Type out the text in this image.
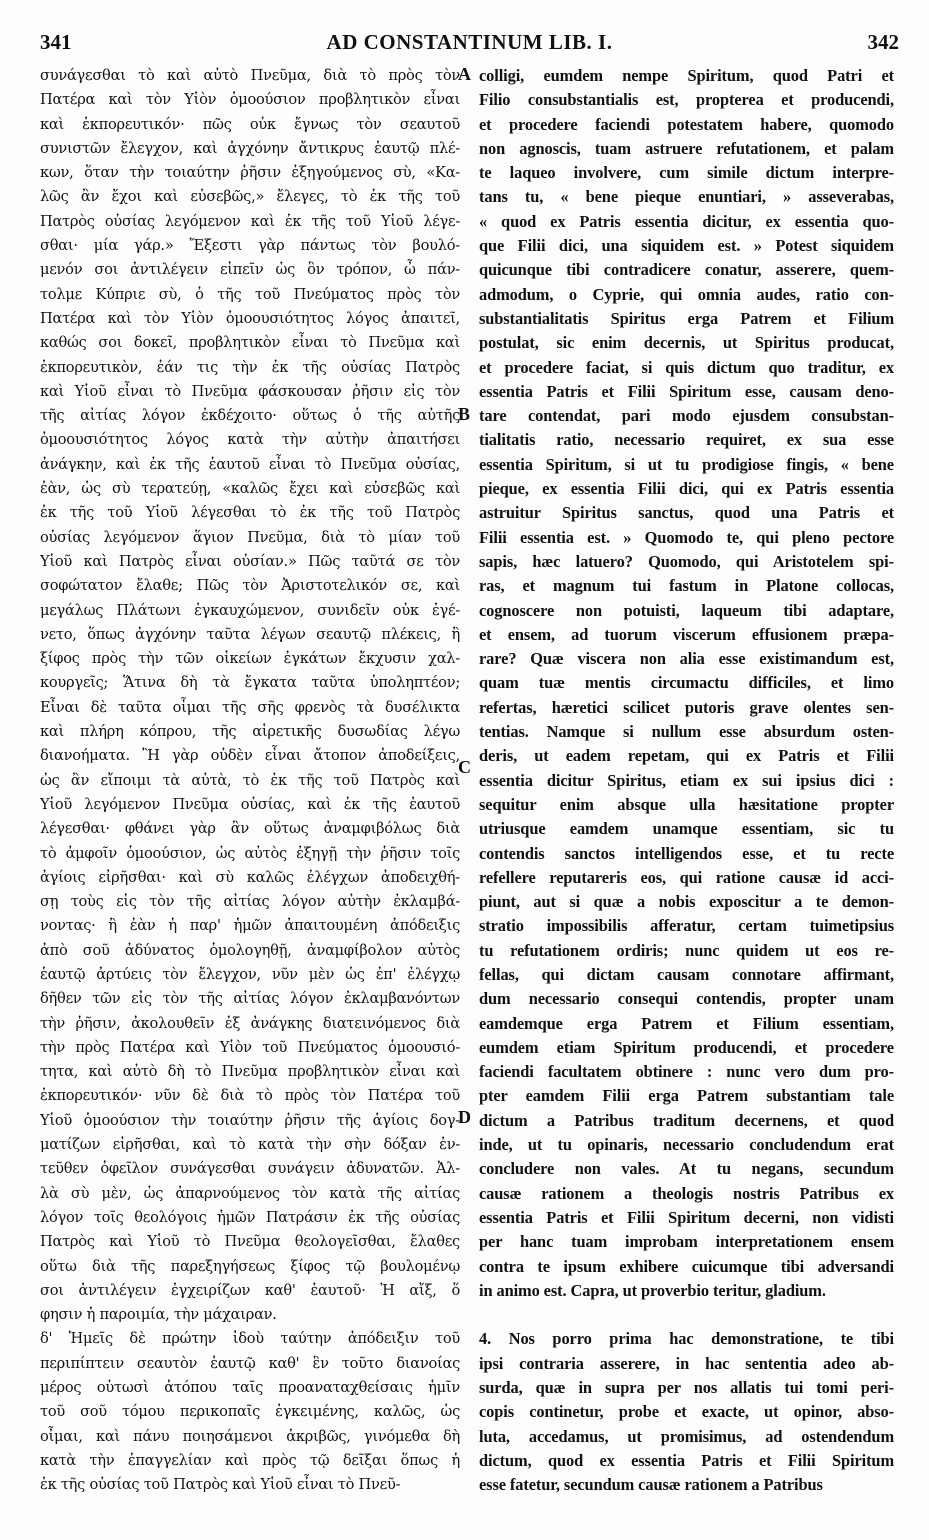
341	AD CONSTANTINUM LIB. I.	342
συνάγεσθαι τὸ καὶ αὐτὸ Πνεῦμα, διὰ τὸ πρὸς τὸν
Πατέρα καὶ τὸν Υἱὸν ὁμοούσιον προβλητικὸν εἶναι
καὶ ἐκπορευτικόν· πῶς οὐκ ἔγνως τὸν σεαυτοῦ
συνιστῶν ἔλεγχον, καὶ ἀγχόνην ἄντικρυς ἑαυτῷ πλέ-
κων, ὅταν τὴν τοιαύτην ῥῆσιν ἐξηγούμενος σὺ, «Κα-
λῶς ἂν ἔχοι καὶ εὐσεβῶς,» ἔλεγες, τὸ ἐκ τῆς τοῦ
Πατρὸς οὐσίας λεγόμενον καὶ ἐκ τῆς τοῦ Υἱοῦ λέγε-
σθαι· μία γάρ.» Ἔξεστι γὰρ πάντως τὸν βουλό-
μενόν σοι ἀντιλέγειν εἰπεῖν ὡς ὃν τρόπον, ὦ πάν-
τολμε Κύπριε σὺ, ὁ τῆς τοῦ Πνεύματος πρὸς τὸν
Πατέρα καὶ τὸν Υἱὸν ὁμοουσιότητος λόγος ἀπαιτεῖ,
καθώς σοι δοκεῖ, προβλητικὸν εἶναι τὸ Πνεῦμα καὶ
ἐκπορευτικὸν, ἐάν τις τὴν ἐκ τῆς οὐσίας Πατρὸς
καὶ Υἱοῦ εἶναι τὸ Πνεῦμα φάσκουσαν ῥῆσιν εἰς τὸν
τῆς αἰτίας λόγον ἐκδέχοιτο· οὕτως ὁ τῆς αὐτῆς
ὁμοουσιότητος λόγος κατὰ τὴν αὐτὴν ἀπαιτήσει
ἀνάγκην, καὶ ἐκ τῆς ἑαυτοῦ εἶναι τὸ Πνεῦμα οὐσίας,
ἐὰν, ὡς σὺ τερατεύῃ, «καλῶς ἔχει καὶ εὐσεβῶς καὶ
ἐκ τῆς τοῦ Υἱοῦ λέγεσθαι τὸ ἐκ τῆς τοῦ Πατρὸς
οὐσίας λεγόμενον ἅγιον Πνεῦμα, διὰ τὸ μίαν τοῦ
Υἱοῦ καὶ Πατρὸς εἶναι οὐσίαν.» Πῶς ταῦτά σε τὸν
σοφώτατον ἔλαθε; Πῶς τὸν Ἀριστοτελικόν σε, καὶ
μεγάλως Πλάτωνι ἐγκαυχώμενον, συνιδεῖν οὐκ ἐγέ-
νετο, ὅπως ἀγχόνην ταῦτα λέγων σεαυτῷ πλέκεις, ἢ
ξίφος πρὸς τὴν τῶν οἰκείων ἐγκάτων ἔκχυσιν χαλ-
κουργεῖς; Ἅτινα δὴ τὰ ἔγκατα ταῦτα ὑποληπτέον;
Εἶναι δὲ ταῦτα οἶμαι τῆς σῆς φρενὸς τὰ δυσέλικτα
καὶ πλήρη κόπρου, τῆς αἱρετικῆς δυσωδίας λέγω
διανοήματα. Ἢ γὰρ οὐδὲν εἶναι ἄτοπον ἀποδείξεις,
ὡς ἂν εἴποιμι τὰ αὐτὰ, τὸ ἐκ τῆς τοῦ Πατρὸς καὶ
Υἱοῦ λεγόμενον Πνεῦμα οὐσίας, καὶ ἐκ τῆς ἑαυτοῦ
λέγεσθαι· φθάνει γὰρ ἂν οὕτως ἀναμφιβόλως διὰ
τὸ ἀμφοῖν ὁμοούσιον, ὡς αὐτὸς ἐξηγῇ τὴν ῥῆσιν τοῖς
ἁγίοις εἰρῆσθαι· καὶ σὺ καλῶς ἐλέγχων ἀποδειχθή-
σῃ τοὺς εἰς τὸν τῆς αἰτίας λόγον αὐτὴν ἐκλαμβά-
νοντας· ἢ ἐὰν ἡ παρ' ἡμῶν ἀπαιτουμένη ἀπόδειξις
ἀπὸ σοῦ ἀδύνατος ὁμολογηθῇ, ἀναμφίβολον αὐτὸς
ἑαυτῷ ἀρτύεις τὸν ἔλεγχον, νῦν μὲν ὡς ἐπ' ἐλέγχῳ
δῆθεν τῶν εἰς τὸν τῆς αἰτίας λόγον ἐκλαμβανόντων
τὴν ῥῆσιν, ἀκολουθεῖν ἐξ ἀνάγκης διατεινόμενος διὰ
τὴν πρὸς Πατέρα καὶ Υἱὸν τοῦ Πνεύματος ὁμοουσιό-
τητα, καὶ αὐτὸ δὴ τὸ Πνεῦμα προβλητικὸν εἶναι καὶ
ἐκπορευτικόν· νῦν δὲ διὰ τὸ πρὸς τὸν Πατέρα τοῦ
Υἱοῦ ὁμοούσιον τὴν τοιαύτην ῥῆσιν τῆς ἁγίοις δογ-
ματίζων εἰρῆσθαι, καὶ τὸ κατὰ τὴν σὴν δόξαν ἐν-
τεῦθεν ὀφεῖλον συνάγεσθαι συνάγειν ἀδυνατῶν. Ἀλ-
λὰ σὺ μὲν, ὡς ἀπαρνούμενος τὸν κατὰ τῆς αἰτίας
λόγον τοῖς θεολόγοις ἡμῶν Πατράσιν ἐκ τῆς οὐσίας
Πατρὸς καὶ Υἱοῦ τὸ Πνεῦμα θεολογεῖσθαι, ἔλαθες
οὕτω διὰ τῆς παρεξηγήσεως ξίφος τῷ βουλομένῳ
σοι ἀντιλέγειν ἐγχειρίζων καθ' ἑαυτοῦ· Ἡ αἴξ, ὅ
φησιν ἡ παροιμία, τὴν μάχαιραν.
δ' Ἡμεῖς δὲ πρώτην ἰδοὺ ταύτην ἀπόδειξιν τοῦ
περιπίπτειν σεαυτὸν ἑαυτῷ καθ' ἓν τοῦτο διανοίας
μέρος οὑτωσὶ ἀτόπου ταῖς προαναταχθείσαις ἡμῖν
τοῦ σοῦ τόμου περικοπαῖς ἐγκειμένης, καλῶς, ὡς
οἶμαι, καὶ πάνυ ποιησάμενοι ἀκριβῶς, γινόμεθα δὴ
κατὰ τὴν ἐπαγγελίαν καὶ πρὸς τῷ δεῖξαι ὅπως ἡ
ἐκ τῆς οὐσίας τοῦ Πατρὸς καὶ Υἱοῦ εἶναι τὸ Πνεῦ-
colligi, eumdem nempe Spiritum, quod Patri et
Filio consubstantialis est, propterea et producendi,
et procedere faciendi potestatem habere, quomodo
non agnoscis, tuam astruere refutationem, et palam
te laqueo involvere, cum simile dictum interpre-
tans tu, « bene pieque enuntiari, » asseverabas,
« quod ex Patris essentia dicitur, ex essentia quo-
que Filii dici, una siquidem est. » Potest siquidem
quicunque tibi contradicere conatur, asserere, quem-
admodum, o Cyprie, qui omnia audes, ratio con-
substantialitatis Spiritus erga Patrem et Filium
postulat, sic enim decernis, ut Spiritus producat,
et procedere faciat, si quis dictum quo traditur, ex
essentia Patris et Filii Spiritum esse, causam deno-
tare contendat, pari modo ejusdem consubstan-
tialitatis ratio, necessario requiret, ex sua esse
essentia Spiritum, si ut tu prodigiose fingis, « bene
pieque, ex essentia Filii dici, qui ex Patris essentia
astruitur Spiritus sanctus, quod una Patris et
Filii essentia est. » Quomodo te, qui pleno pectore
sapis, hæc latuero? Quomodo, qui Aristotelem spi-
ras, et magnum tui fastum in Platone collocas,
cognoscere non potuisti, laqueum tibi adaptare,
et ensem, ad tuorum viscerum effusionem præpa-
rare? Quæ viscera non alia esse existimandum est,
quam tuæ mentis circumactu difficiles, et limo
refertas, hæretici scilicet putoris grave olentes sen-
tentias. Namque si nullum esse absurdum osten-
deris, ut eadem repetam, qui ex Patris et Filii
essentia dicitur Spiritus, etiam ex sui ipsius dici :
sequitur enim absque ulla hæsitatione propter
utriusque eamdem unamque essentiam, sic tu
contendis sanctos intelligendos esse, et tu recte
refellere reputareris eos, qui ratione causæ id acci-
piunt, aut si quæ a nobis exposcitur a te demon-
stratio impossibilis afferatur, certam tuimetipsius
tu refutationem ordiris; nunc quidem ut eos re-
fellas, qui dictam causam connotare affirmant,
dum necessario consequi contendis, propter unam
eamdemque erga Patrem et Filium essentiam,
eumdem etiam Spiritum producendi, et procedere
faciendi facultatem obtinere : nunc vero dum pro-
pter eamdem Filii erga Patrem substantiam tale
dictum a Patribus traditum decernens, et quod
inde, ut tu opinaris, necessario concludendum erat
concludere non vales. At tu negans, secundum
causæ rationem a theologis nostris Patribus ex
essentia Patris et Filii Spiritum decerni, non vidisti
per hanc tuam improbam interpretationem ensem
contra te ipsum exhibere cuicumque tibi adversandi
in animo est. Capra, ut proverbio teritur, gladium.
4. Nos porro prima hac demonstratione, te tibi
ipsi contraria asserere, in hac sententia adeo ab-
surda, quæ in supra per nos allatis tui tomi peri-
copis continetur, probe et exacte, ut opinor, abso-
luta, accedamus, ut promisimus, ad ostendendum
dictum, quod ex essentia Patris et Filii Spiritum
esse fatetur, secundum causæ rationem a Patribus
A
B
C
D
